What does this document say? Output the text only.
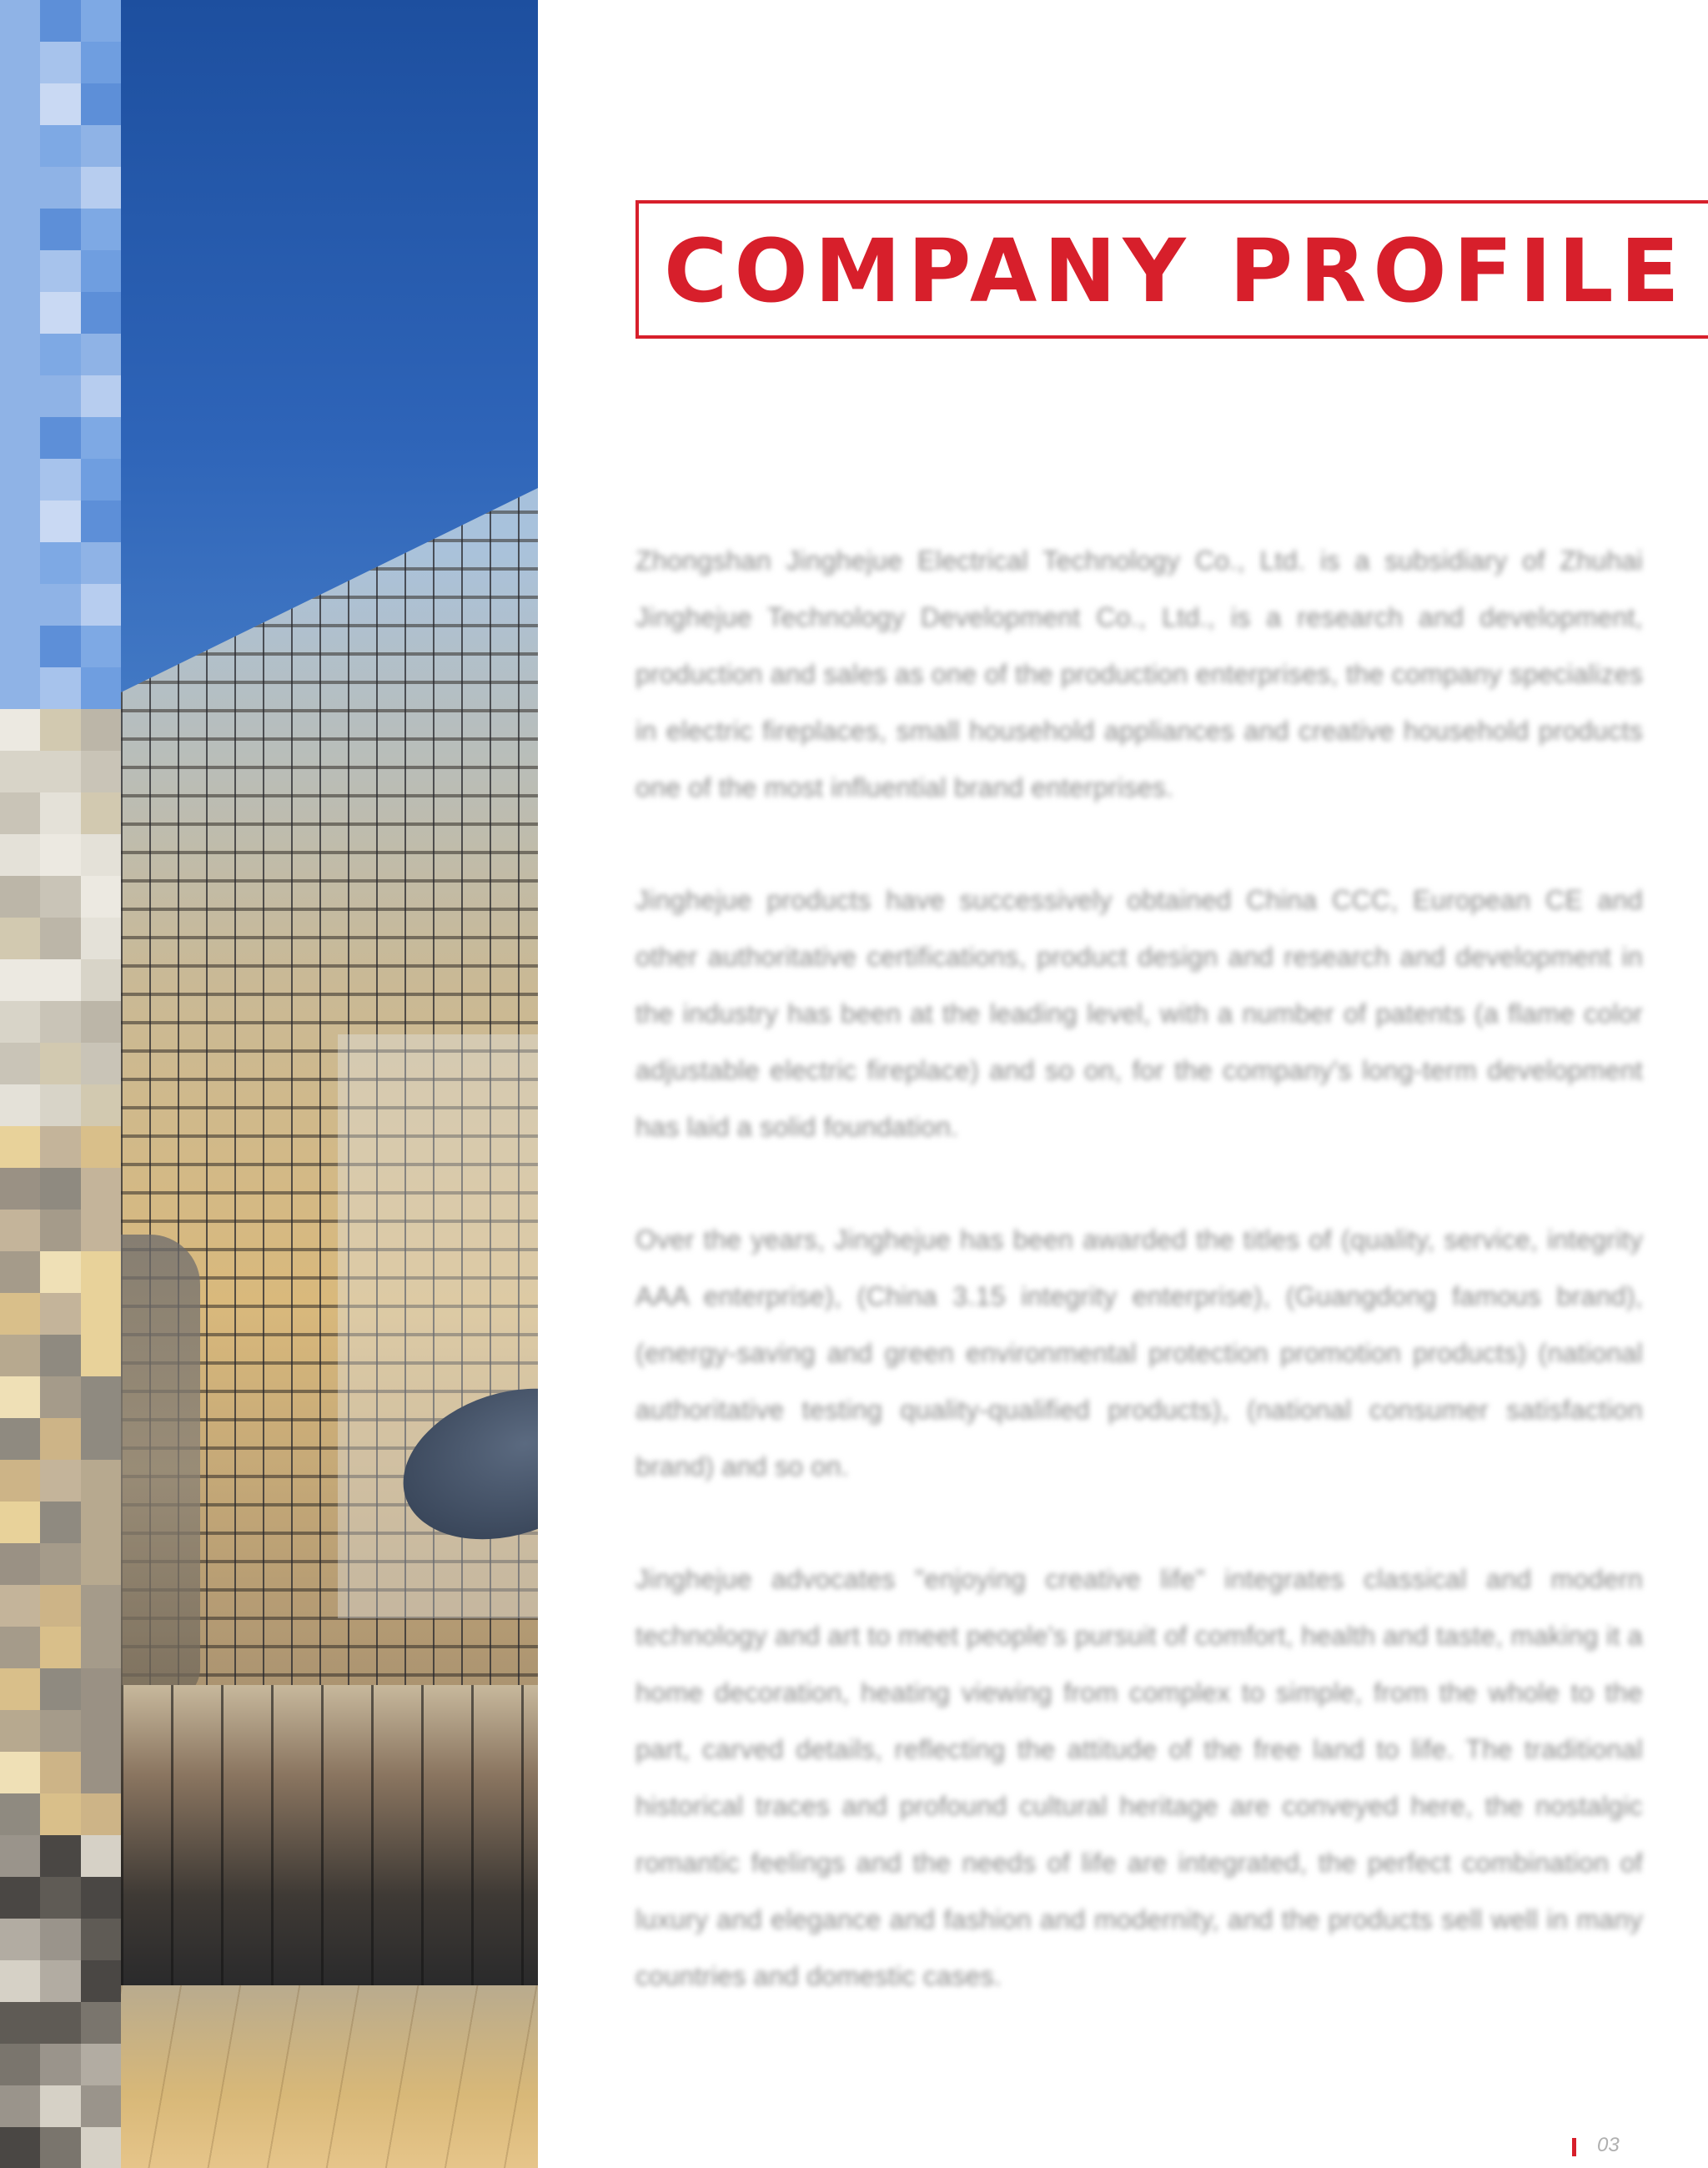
COMPANY PROFILE

Zhongshan Jinghejue Electrical Technology Co., Ltd. is a subsidiary of Zhuhai Jinghejue Technology Development Co., Ltd., is a research and development, production and sales as one of the production enterprises, the company specializes in electric fireplaces, small household appliances and creative household products one of the most influential brand enterprises.

Jinghejue products have successively obtained China CCC, European CE and other authoritative certifications, product design and research and development in the industry has been at the leading level, with a number of patents (a flame color adjustable electric fireplace) and so on, for the company's long-term development has laid a solid foundation.

Over the years, Jinghejue has been awarded the titles of (quality, service, integrity AAA enterprise), (China 3.15 integrity enterprise), (Guangdong famous brand), (energy-saving and green environmental protection promotion products) (national authoritative testing quality-qualified products), (national consumer satisfaction brand) and so on.

Jinghejue advocates "enjoying creative life" integrates classical and modern technology and art to meet people's pursuit of comfort, health and taste, making it a home decoration, heating viewing from complex to simple, from the whole to the part, carved details, reflecting the attitude of the free land to life. The traditional historical traces and profound cultural heritage are conveyed here, the nostalgic romantic feelings and the needs of life are integrated, the perfect combination of luxury and elegance and fashion and modernity, and the products sell well in many countries and domestic cases.

03
